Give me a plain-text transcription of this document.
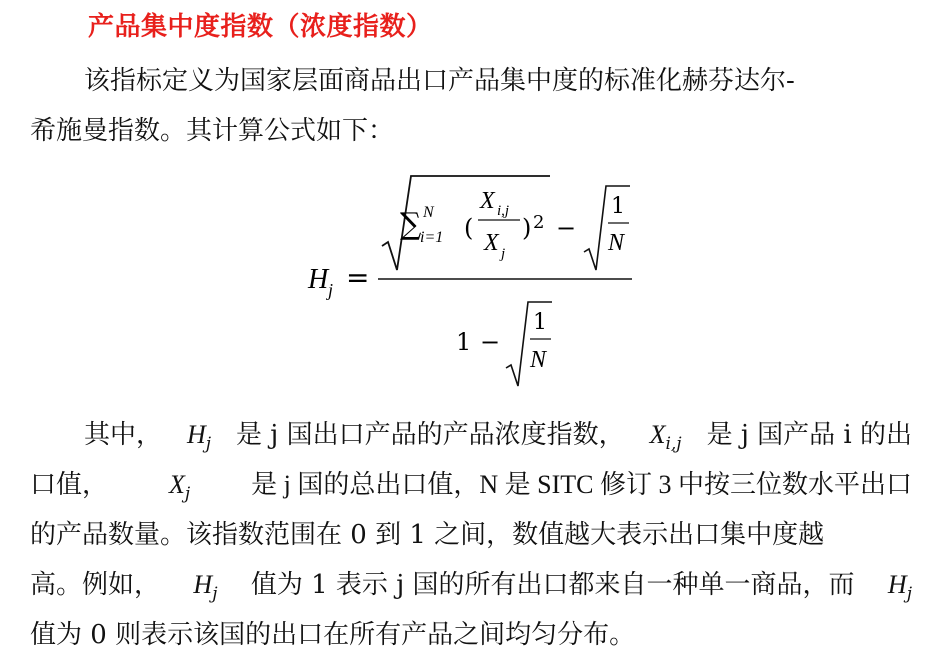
产品集中度指数（浓度指数）
该指标定义为国家层面商品出口产品集中度的标准化赫芬达尔-
希施曼指数。其计算公式如下：
H j =
∑ N
i=1 (
X i,j
X j
) 2 −
1
N
1 −
1
N
其中， $H_j$ 是 j 国出口产品的产品浓度指数， $X_{i,j}$ 是 j 国产品 i 的出
口值， $X_j$ 是 j 国的总出口值，N 是 SITC 修订 3 中按三位数水平出口
的产品数量。该指数范围在 0 到 1 之间，数值越大表示出口集中度越
高。例如， $H_j$ 值为 1 表示 j 国的所有出口都来自一种单一商品，而 $H_j$
值为 0 则表示该国的出口在所有产品之间均匀分布。
